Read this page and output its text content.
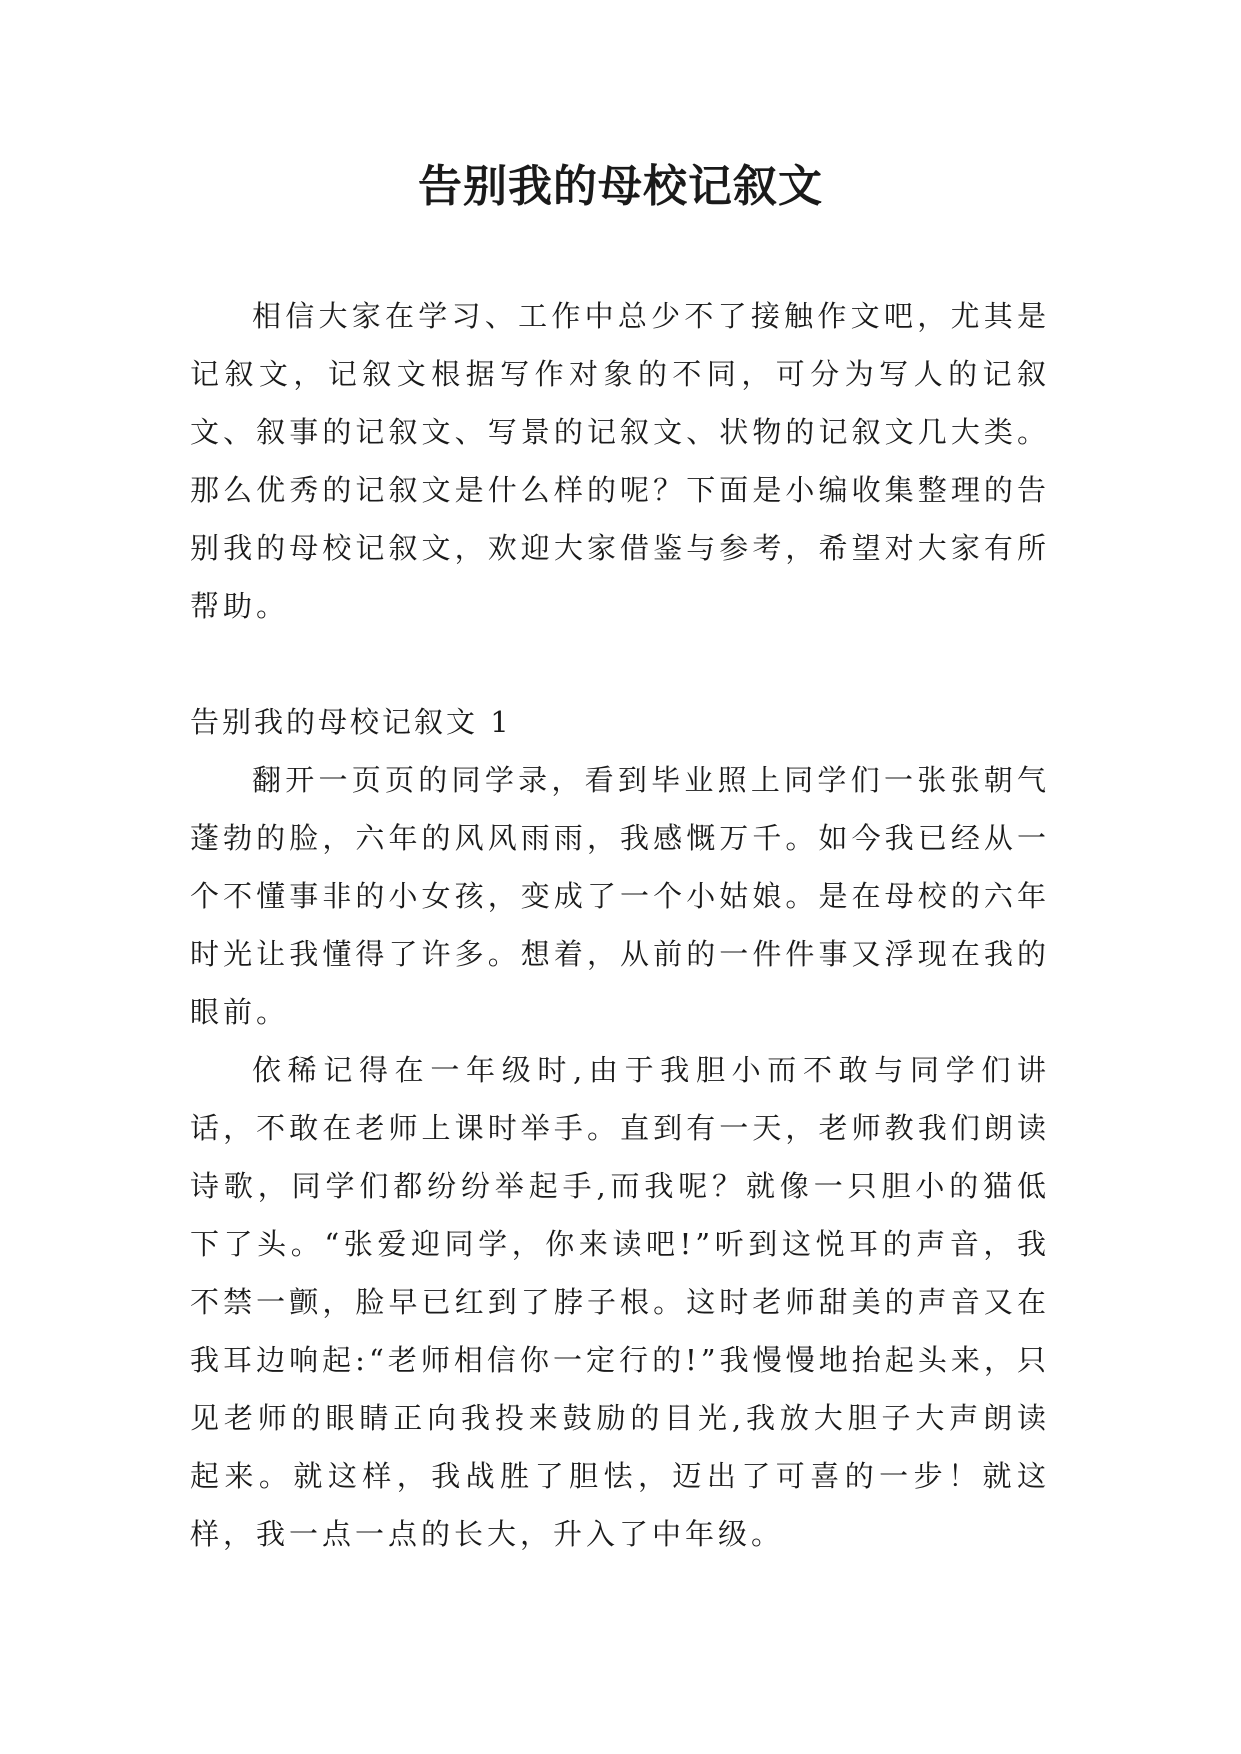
告别我的母校记叙文

相信大家在学习、工作中总少不了接触作文吧，尤其是记叙文，记叙文根据写作对象的不同，可分为写人的记叙文、叙事的记叙文、写景的记叙文、状物的记叙文几大类。那么优秀的记叙文是什么样的呢？下面是小编收集整理的告别我的母校记叙文，欢迎大家借鉴与参考，希望对大家有所帮助。

告别我的母校记叙文 1

翻开一页页的同学录，看到毕业照上同学们一张张朝气蓬勃的脸，六年的风风雨雨，我感慨万千。如今我已经从一个不懂事非的小女孩，变成了一个小姑娘。是在母校的六年时光让我懂得了许多。想着，从前的一件件事又浮现在我的眼前。

依稀记得在一年级时,由于我胆小而不敢与同学们讲话，不敢在老师上课时举手。直到有一天，老师教我们朗读诗歌，同学们都纷纷举起手,而我呢？就像一只胆小的猫低下了头。“张爱迎同学，你来读吧!”听到这悦耳的声音，我不禁一颤，脸早已红到了脖子根。这时老师甜美的声音又在我耳边响起:“老师相信你一定行的!”我慢慢地抬起头来，只见老师的眼睛正向我投来鼓励的目光,我放大胆子大声朗读起来。就这样，我战胜了胆怯，迈出了可喜的一步！就这样，我一点一点的长大，升入了中年级。
